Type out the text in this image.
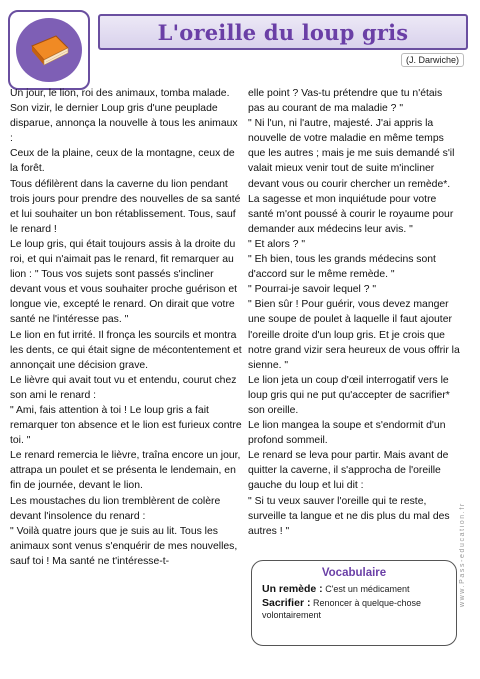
L'oreille du loup gris
(J. Darwiche)

Un jour, le lion, roi des animaux, tomba malade. Son vizir, le dernier Loup gris d'une peuplade disparue, annonça la nouvelle à tous les animaux :

Ceux de la plaine, ceux de la montagne, ceux de la forêt.

Tous défilèrent dans la caverne du lion pendant trois jours pour prendre des nouvelles de sa santé et lui souhaiter un bon rétablissement. Tous, sauf le renard !

Le loup gris, qui était toujours assis à la droite du roi, et qui n'aimait pas le renard, fit remarquer au lion : " Tous vos sujets sont passés s'incliner devant vous et vous souhaiter proche guérison et longue vie, excepté le renard. On dirait que votre santé ne l'intéresse pas. "

Le lion en fut irrité. Il fronça les sourcils et montra les dents, ce qui était signe de mécontentement et annonçait une décision grave.

Le lièvre qui avait tout vu et entendu, courut chez son ami le renard :

" Ami, fais attention à toi ! Le loup gris a fait remarquer ton absence et le lion est furieux contre toi. "

Le renard remercia le lièvre, traîna encore un jour, attrapa un poulet et se présenta le lendemain, en fin de journée, devant le lion.

Les moustaches du lion tremblèrent de colère devant l'insolence du renard :

" Voilà quatre jours que je suis au lit. Tous les animaux sont venus s'enquérir de mes nouvelles, sauf toi ! Ma santé ne t'intéresse-t-

elle point ? Vas-tu prétendre que tu n'étais pas au courant de ma maladie ? "

" Ni l'un, ni l'autre, majesté. J'ai appris la nouvelle de votre maladie en même temps que les autres ; mais je me suis demandé s'il valait mieux venir tout de suite m'incliner devant vous ou courir chercher un remède*. La sagesse et mon inquiétude pour votre santé m'ont poussé à courir le royaume pour demander aux médecins leur avis. "

" Et alors ? "

" Eh bien, tous les grands médecins sont d'accord sur le même remède. "

" Pourrai-je savoir lequel ? "

" Bien sûr ! Pour guérir, vous devez manger une soupe de poulet à laquelle il faut ajouter l'oreille droite d'un loup gris. Et je crois que notre grand vizir sera heureux de vous offrir la sienne. "

Le lion jeta un coup d'œil interrogatif vers le loup gris qui ne put qu'accepter de sacrifier* son oreille.

Le lion mangea la soupe et s'endormit d'un profond sommeil.

Le renard se leva pour partir. Mais avant de quitter la caverne, il s'approcha de l'oreille gauche du loup et lui dit :

" Si tu veux sauver l'oreille qui te reste, surveille ta langue et ne dis plus du mal des autres ! "

Vocabulaire
Un remède : C'est un médicament
Sacrifier : Renoncer à quelque-chose volontairement
www.Pass-education.fr
